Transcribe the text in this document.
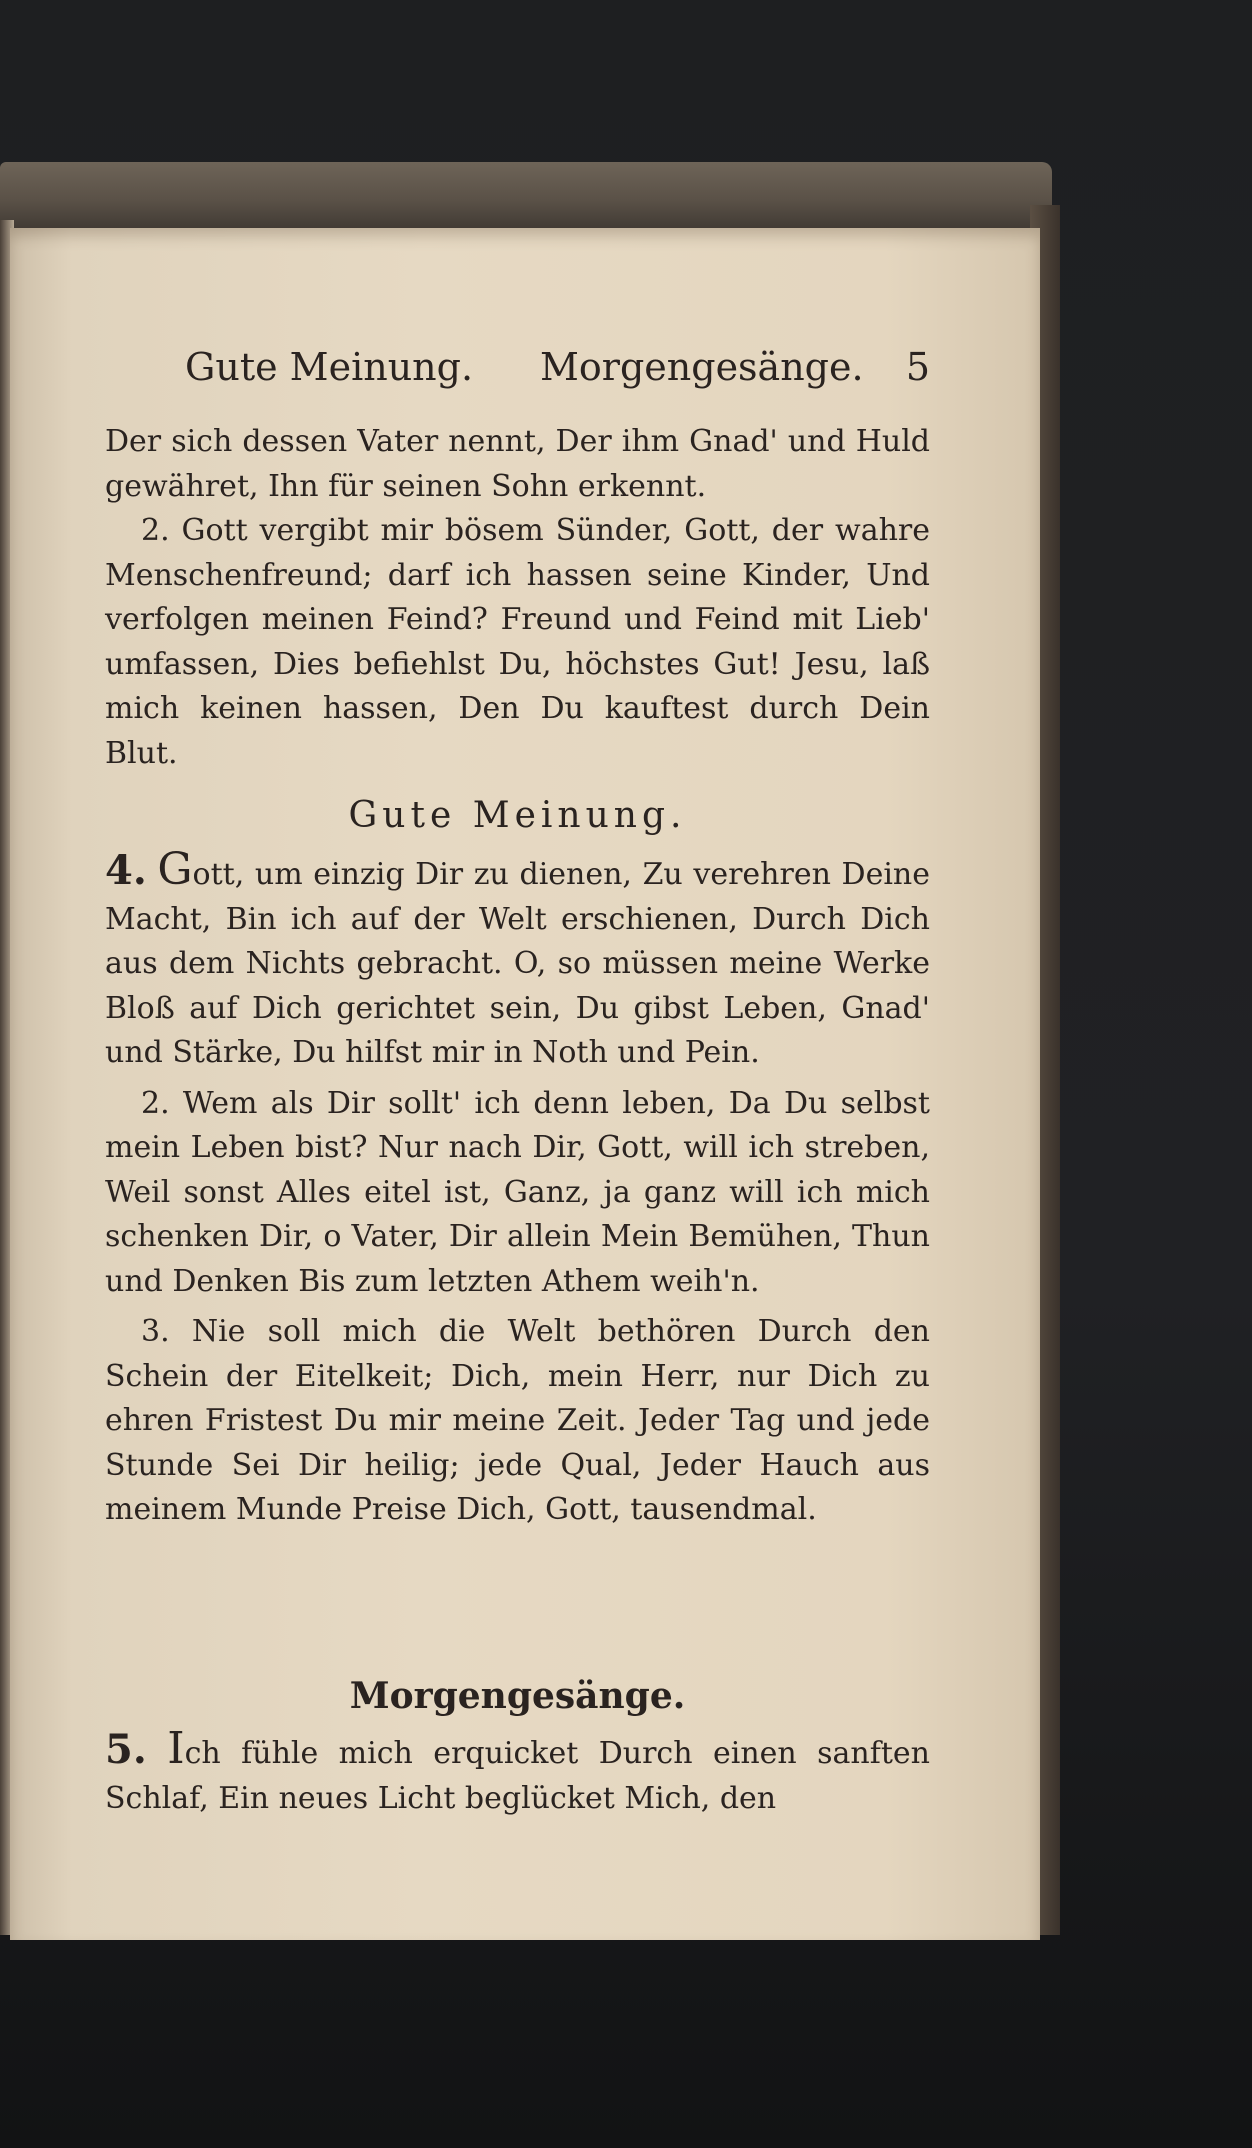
Gute Meinung. Morgengesänge. 5

Der sich dessen Vater nennt, Der ihm Gnad' und Huld gewähret, Ihn für seinen Sohn erkennt.

2. Gott vergibt mir bösem Sünder, Gott, der wahre Menschenfreund; darf ich hassen seine Kinder, Und verfolgen meinen Feind? Freund und Feind mit Lieb' umfassen, Dies befiehlst Du, höchstes Gut! Jesu, laß mich keinen hassen, Den Du kauftest durch Dein Blut.

Gute Meinung.

4. Gott, um einzig Dir zu dienen, Zu verehren Deine Macht, Bin ich auf der Welt erschienen, Durch Dich aus dem Nichts gebracht. O, so müssen meine Werke Bloß auf Dich gerichtet sein, Du gibst Leben, Gnad' und Stärke, Du hilfst mir in Noth und Pein.

2. Wem als Dir sollt' ich denn leben, Da Du selbst mein Leben bist? Nur nach Dir, Gott, will ich streben, Weil sonst Alles eitel ist, Ganz, ja ganz will ich mich schenken Dir, o Vater, Dir allein Mein Bemühen, Thun und Denken Bis zum letzten Athem weih'n.

3. Nie soll mich die Welt bethören Durch den Schein der Eitelkeit; Dich, mein Herr, nur Dich zu ehren Fristest Du mir meine Zeit. Jeder Tag und jede Stunde Sei Dir heilig; jede Qual, Jeder Hauch aus meinem Munde Preise Dich, Gott, tausendmal.

Morgengesänge.

5. Ich fühle mich erquicket Durch einen sanften Schlaf, Ein neues Licht beglücket Mich, den
